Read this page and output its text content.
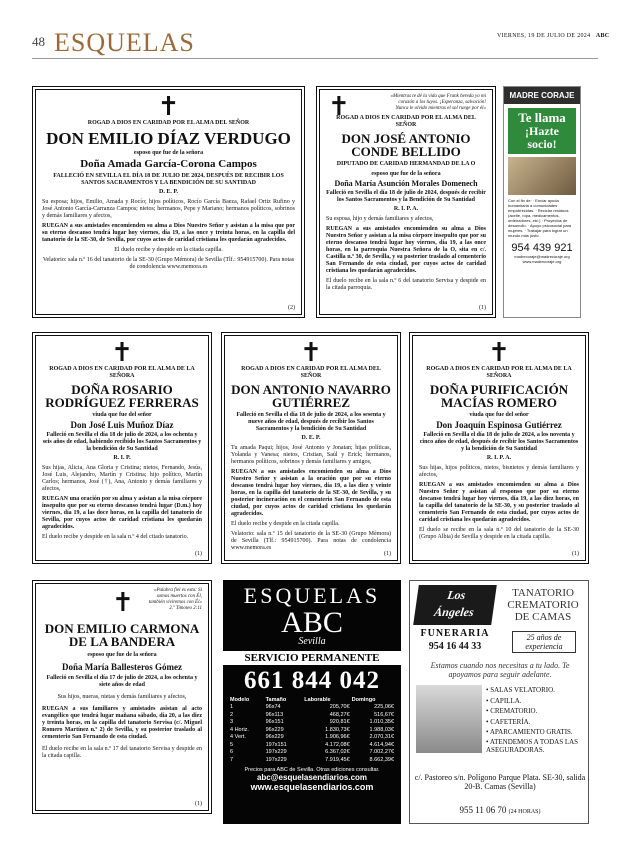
48 ESQUELAS	VIERNES, 19 DE JULIO DE 2024 ABC
✝
ROGAD A DIOS EN CARIDAD POR EL ALMA DEL SEÑOR
DON EMILIO DÍAZ VERDUGO
esposo que fue de la señora
Doña Amada García-Corona Campos
FALLECIÓ EN SEVILLA EL DÍA 18 DE JULIO DE 2024, DESPUÉS DE RECIBIR LOS SANTOS SACRAMENTOS Y LA BENDICIÓN DE SU SANTIDAD
D. E. P.
Su esposa; hijos, Emilio, Amada y Rocío; hijos políticos, Rocío García Baeza, Rafael Ortiz Rufino y José Antonio García-Carranza Campos; nietos; hermanos, Pepe y Mariano; hermanos políticos, sobrinos y demás familiares y afectos,
RUEGAN a sus amistades encomienden su alma a Dios Nuestro Señor y asistan a la misa que por su eterno descanso tendrá lugar hoy viernes, día 19, a las once y treinta horas, en la capilla del tanatorio de la SE-30, de Sevilla, por cuyos actos de caridad cristiana les quedarán agradecidos.
El duelo recibe y despide en la citada capilla.
Velatorio: sala n.º 16 del tanatorio de la SE-30 (Grupo Mémora) de Sevilla (Tlf.: 954915700). Para notas de condolencia www.memora.es
(2)
✝	«Mientras te dé la vida que Frank hereda yo mi corazón a los tuyos. ¡Esperanza, salvación! Nunca le olvido mientras el sol ruege por él»
ROGAD A DIOS EN CARIDAD POR EL ALMA DEL SEÑOR
DON JOSÉ ANTONIO CONDE BELLIDO
DIPUTADO DE CARIDAD HERMANDAD DE LA O
esposo que fue de la señora
Doña María Asunción Morales Domenech
Falleció en Sevilla el día 18 de julio de 2024, después de recibir los Santos Sacramentos y la Bendición de Su Santidad
R. I. P. A.
Su esposa, hijo y demás familiares y afectos,
RUEGAN a sus amistades encomienden su alma a Dios Nuestro Señor y asistan a la misa córpore insepulto que por su eterno descanso tendrá lugar hoy viernes, día 19, a las once horas, en la parroquia Nuestra Señora de la O, sita en c/. Castilla n.º 30, de Sevilla, y su posterior traslado al cementerio San Fernando de esta ciudad, por cuyos actos de caridad cristiana les quedarán agradecidos.
El duelo recibe en la sala n.º 6 del tanatorio Servisa y despide en la citada parroquia.
(1)
MADRE CORAJE
Te llama
¡Hazte socio!
Con el fin de: · Envíar ayuda humanitaria a comunidades empobrecidas. · Reciclar residuos (aceite, ropa, medicamentos, ordenadores, etc.) · Proyectos de desarrollo. · Apoyo psicosocial para mujeres. · Trabajar para lograr un mundo más justo.
954 439 921
madrecoraje@madrecoraje.org
www.madrecoraje.org
✝
ROGAD A DIOS EN CARIDAD POR EL ALMA DE LA SEÑORA
DOÑA ROSARIO RODRÍGUEZ FERRERAS
viuda que fue del señor
Don José Luis Muñoz Díaz
Falleció en Sevilla el día 18 de julio de 2024, a los ochenta y seis años de edad, habiendo recibido los Santos Sacramentos y la bendición de Su Santidad
R. I. P.
Sus hijas, Alicia, Ana Gloria y Cristina; nietos, Fernando, Jesús, José Luis, Alejandro, Martín y Cristina; hijo político, Martín Carlos; hermanos, José (†), Ana, Antonio y demás familiares y afectos,
RUEGAN una oración por su alma y asistan a la misa córpore insepulto que por su eterno descanso tendrá lugar (D.m.) hoy viernes, día 19, a las doce horas, en la capilla del tanatorio de Sevilla, por cuyos actos de caridad cristiana les quedarán agradecidos.
El duelo recibe y despide en la sala n.º 4 del citado tanatorio.
(1)
✝
ROGAD A DIOS EN CARIDAD POR EL ALMA DEL SEÑOR
DON ANTONIO NAVARRO GUTIÉRREZ
Falleció en Sevilla el día 18 de julio de 2024, a los sesenta y nueve años de edad, después de recibir los Santos Sacramentos y la bendición de Su Santidad
D. E. P.
Tu amada Paqui; hijos, José Antonio y Jonatan; hijas políticas, Yolanda y Vanesa; nietos, Cristian, Saúl y Erick; hermanos, hermanos políticos, sobrinos y demás familiares y amigos,
RUEGAN a sus amistades encomienden su alma a Dios Nuestro Señor y asistan a la oración que por su eterno descanso tendrá lugar hoy viernes, día 19, a las diez y veinte horas, en la capilla del tanatorio de la SE-30, de Sevilla, y su posterior incineración en el cementerio San Fernando de esta ciudad, por cuyos actos de caridad cristiana les quedarán agradecidos.
El duelo recibe y despide en la citada capilla.
Velatorio: sala n.º 15 del tanatorio de la SE-30 (Grupo Mémora) de Sevilla (Tlf.: 954915700). Para notas de condolencia www.memora.es
(1)
✝
ROGAD A DIOS EN CARIDAD POR EL ALMA DE LA SEÑORA
DOÑA PURIFICACIÓN MACÍAS ROMERO
viuda que fue del señor
Don Joaquín Espinosa Gutiérrez
Falleció en Sevilla el día 18 de julio de 2024, a los noventa y cinco años de edad, después de recibir los Santos Sacramentos y la bendición de Su Santidad
R. I. P. A.
Sus hijas, hijos políticos, nietos, bisnietos y demás familiares y afectos,
RUEGAN a sus amistades encomienden su alma a Dios Nuestro Señor y asistan al responso que por su eterno descanso tendrá lugar hoy viernes, día 19, a las diez horas, en la capilla del tanatorio de la SE-30, y su posterior traslado al cementerio San Fernando de esta ciudad, por cuyos actos de caridad cristiana les quedarán agradecidos.
El duelo se recibe en la sala n.º 10 del tanatorio de la SE-30 (Grupo Albia) de Sevilla y despide en la citada capilla.
(1)
✝	«Palabra fiel es esta: Si somos muertos con Él, también viviremos con Él» 2.º Timoteo 2:11
DON EMILIO CARMONA DE LA BANDERA
esposo que fue de la señora
Doña María Ballesteros Gómez
Falleció en Sevilla el día 17 de julio de 2024, a los ochenta y siete años de edad
Sus hijos, nueras, nietas y demás familiares y afectos,
RUEGAN a sus familiares y amistades asistan al acto evangélico que tendrá lugar mañana sábado, día 20, a las diez y treinta horas, en la capilla del tanatorio Servisa (c/. Miguel Romero Martínez n.º 2) de Sevilla, y su posterior traslado al cementerio San Fernando de esta ciudad.
El duelo recibe en la sala n.º 17 del tanatorio Servisa y despide en la citada capilla.
(1)
ESQUELAS
ABC
Sevilla
SERVICIO PERMANENTE
661 844 042
Modelo	Tamaño	Laborable	Domingo
1	96x74	205,70€	225,06€
2	96x113	468,27€	516,67€
3	96x151	920,81€	1.010,35€
4 Horiz.	96x229	1.830,73€	1.988,03€
4 Vert.	96x229	1.906,96€	2.070,31€
5	197x151	4.172,08€	4.614,94€
6	197x229	6.367,02€	7.002,27€
7	197x229	7.919,45€	8.662,39€
Precios para ABC de Sevilla. Otras ediciones consultar.
abc@esquelasendiarios.com
www.esquelasendiarios.com
Los
Ángeles
FUNERARIA
954 16 44 33
TANATORIO CREMATORIO DE CAMAS
25 años de experiencia
Estamos cuando nos necesitas a tu lado. Te apoyamos para seguir adelante.
• SALAS VELATORIO.
• CAPILLA.
• CREMATORIO.
• CAFETERÍA.
• APARCAMIENTO GRATIS.
• ATENDEMOS A TODAS LAS ASEGURADORAS.
c/. Pastoreo s/n. Polígono Parque Plata. SE-30, salida 20-B. Camas (Sevilla)
955 11 06 70 (24 HORAS)
